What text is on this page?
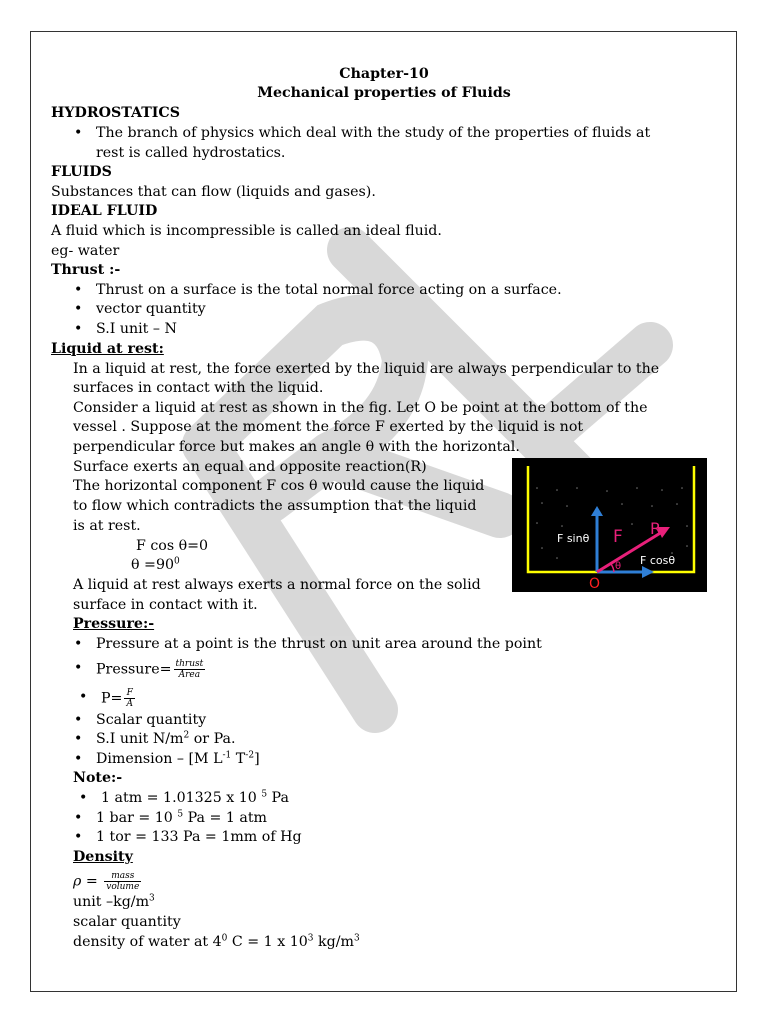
Chapter-10
Mechanical properties of Fluids
HYDROSTATICS
• The branch of physics which deal with the study of the properties of fluids at
rest is called hydrostatics.
FLUIDS
Substances that can flow (liquids and gases).
IDEAL FLUID
A fluid which is incompressible is called an ideal fluid.
eg- water
Thrust :-
• Thrust on a surface is the total normal force acting on a surface.
• vector quantity
• S.I unit – N
Liquid at rest:
In a liquid at rest, the force exerted by the liquid are always perpendicular to the
surfaces in contact with the liquid.
Consider a liquid at rest as shown in the fig. Let O be point at the bottom of the
vessel . Suppose at the moment the force F exerted by the liquid is not
perpendicular force but makes an angle θ with the horizontal.
Surface exerts an equal and opposite reaction(R)
The horizontal component F cos θ would cause the liquid
to flow which contradicts the assumption that the liquid
is at rest.
F cos θ=0
$\theta =90^0$
A liquid at rest always exerts a normal force on the solid
surface in contact with it.
F sinθ F R
F cosθ
θ
O
Pressure:-
• Pressure at a point is the thrust on unit area around the point
• Pressure= $\frac{\text{thrust}}{\text{Area}}$
• $P= \frac{F}{A}$
• Scalar quantity
• S.I unit $N/m^2$ or Pa.
• Dimension – [M $L^{-1}$ $T^{-2}$]
Note:-
• 1 atm = 1.01325 x 10 $^5$ Pa
• 1 bar = 10 $^5$ Pa = 1 atm
• 1 tor = 133 Pa = 1mm of Hg
Density
$\rho = \frac{\text{mass}}{\text{volume}}$
unit $-kg/m^3$
scalar quantity
density of water at $4^0$ C = 1 x $10^3$ $kg/m^3$
